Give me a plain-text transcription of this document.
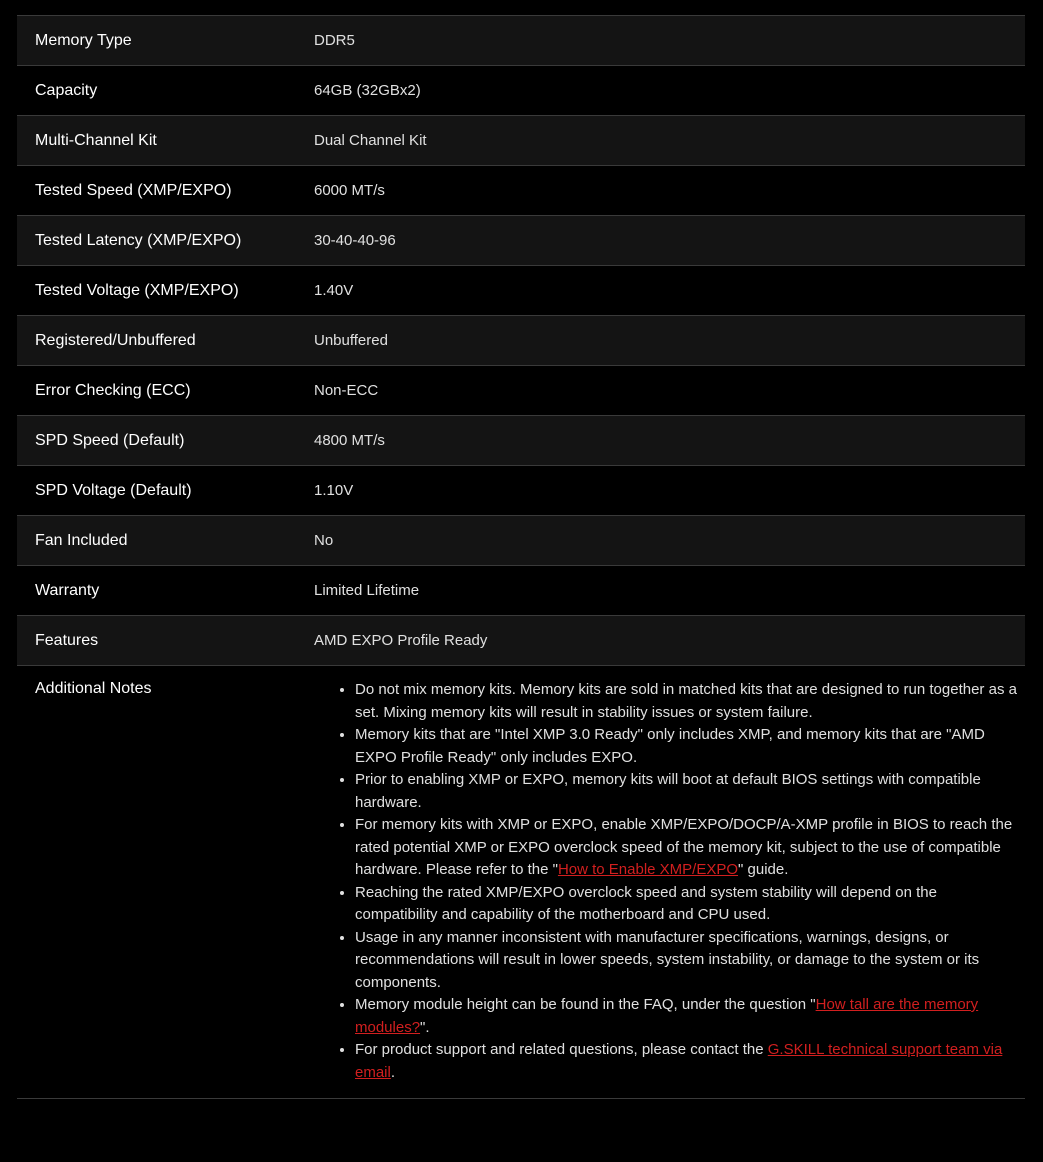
Memory Type	DDR5
Capacity	64GB (32GBx2)
Multi-Channel Kit	Dual Channel Kit
Tested Speed (XMP/EXPO)	6000 MT/s
Tested Latency (XMP/EXPO)	30-40-40-96
Tested Voltage (XMP/EXPO)	1.40V
Registered/Unbuffered	Unbuffered
Error Checking (ECC)	Non-ECC
SPD Speed (Default)	4800 MT/s
SPD Voltage (Default)	1.10V
Fan Included	No
Warranty	Limited Lifetime
Features	AMD EXPO Profile Ready
Additional Notes
•	Do not mix memory kits. Memory kits are sold in matched kits that are designed to run together as a set. Mixing memory kits will result in stability issues or system failure.
• Memory kits that are "Intel XMP 3.0 Ready" only includes XMP, and memory kits that are "AMD EXPO Profile Ready" only includes EXPO.
• Prior to enabling XMP or EXPO, memory kits will boot at default BIOS settings with compatible hardware.
• For memory kits with XMP or EXPO, enable XMP/EXPO/DOCP/A-XMP profile in BIOS to reach the rated potential XMP or EXPO overclock speed of the memory kit, subject to the use of compatible hardware. Please refer to the "How to Enable XMP/EXPO" guide.
• Reaching the rated XMP/EXPO overclock speed and system stability will depend on the compatibility and capability of the motherboard and CPU used.
• Usage in any manner inconsistent with manufacturer specifications, warnings, designs, or recommendations will result in lower speeds, system instability, or damage to the system or its components.
• Memory module height can be found in the FAQ, under the question "How tall are the memory modules?".
• For product support and related questions, please contact the G.SKILL technical support team via email.
